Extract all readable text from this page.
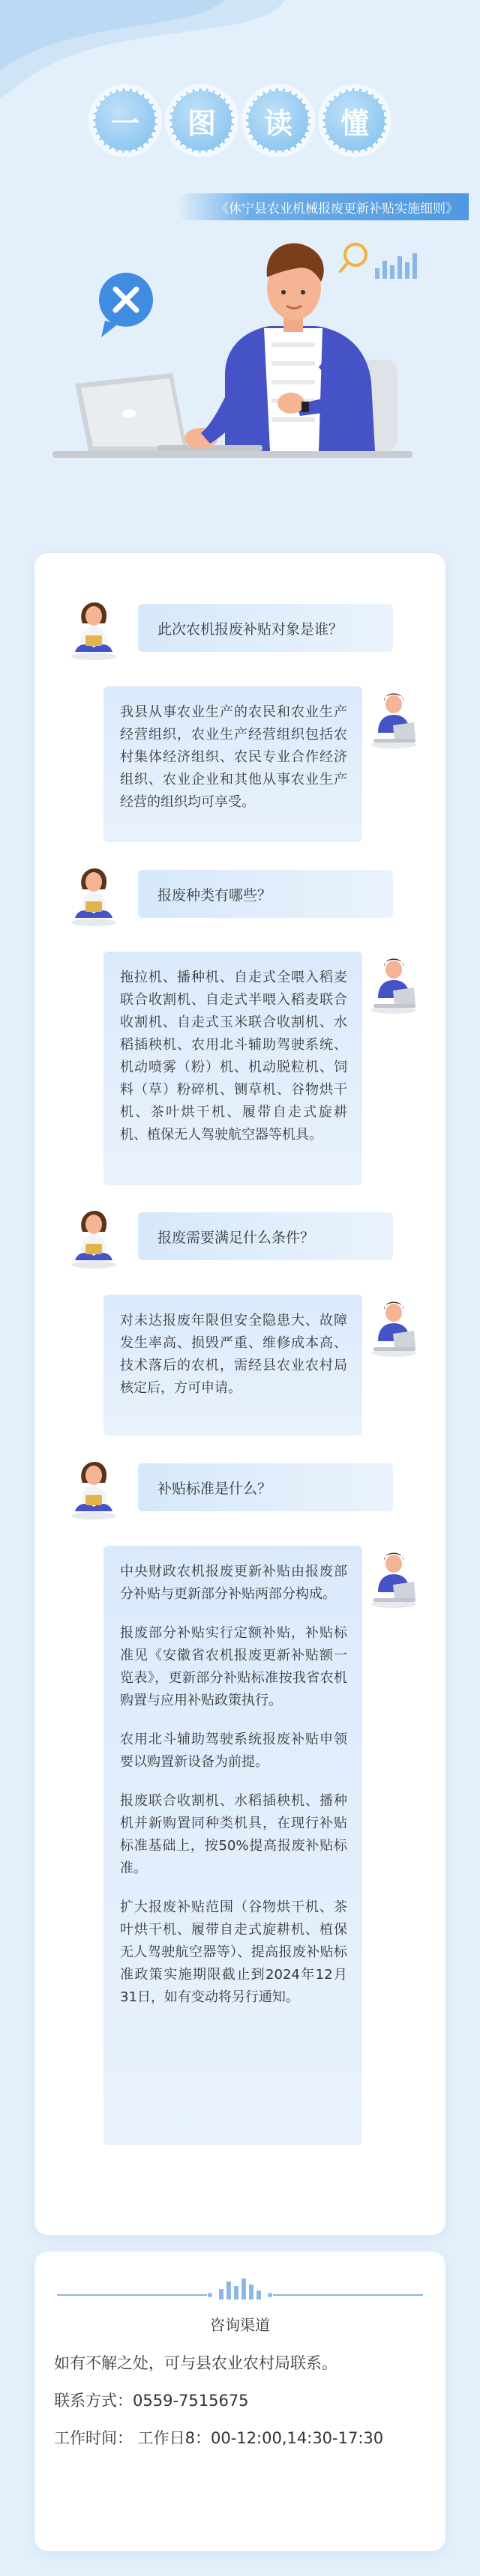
一	图	读	懂
《休宁县农业机械报废更新补贴实施细则》
此次农机报废补贴对象是谁？

我县从事农业生产的农民和农业生产经营组织，农业生产经营组织包括农村集体经济组织、农民专业合作经济组织、农业企业和其他从事农业生产经营的组织均可享受。

报废种类有哪些？

拖拉机、播种机、自走式全喂入稻麦联合收割机、自走式半喂入稻麦联合收割机、自走式玉米联合收割机、水稻插秧机、农用北斗辅助驾驶系统、机动喷雾（粉）机、机动脱粒机、饲料（草）粉碎机、铡草机、谷物烘干机、茶叶烘干机、履带自走式旋耕机、植保无人驾驶航空器等机具。

报废需要满足什么条件？

对未达报废年限但安全隐患大、故障发生率高、损毁严重、维修成本高、技术落后的农机，需经县农业农村局核定后，方可申请。

补贴标准是什么？

中央财政农机报废更新补贴由报废部分补贴与更新部分补贴两部分构成。

报废部分补贴实行定额补贴，补贴标准见《安徽省农机报废更新补贴额一览表》，更新部分补贴标准按我省农机购置与应用补贴政策执行。

农用北斗辅助驾驶系统报废补贴申领要以购置新设备为前提。

报废联合收割机、水稻插秧机、播种机并新购置同种类机具，在现行补贴标准基础上，按50%提高报废补贴标准。

扩大报废补贴范围（谷物烘干机、茶叶烘干机、履带自走式旋耕机、植保无人驾驶航空器等）、提高报废补贴标准政策实施期限截止到2024年12月31日，如有变动将另行通知。

咨询渠道
如有不解之处，可与县农业农村局联系。
联系方式：0559-7515675
工作时间： 工作日8：00-12:00,14:30-17:30
